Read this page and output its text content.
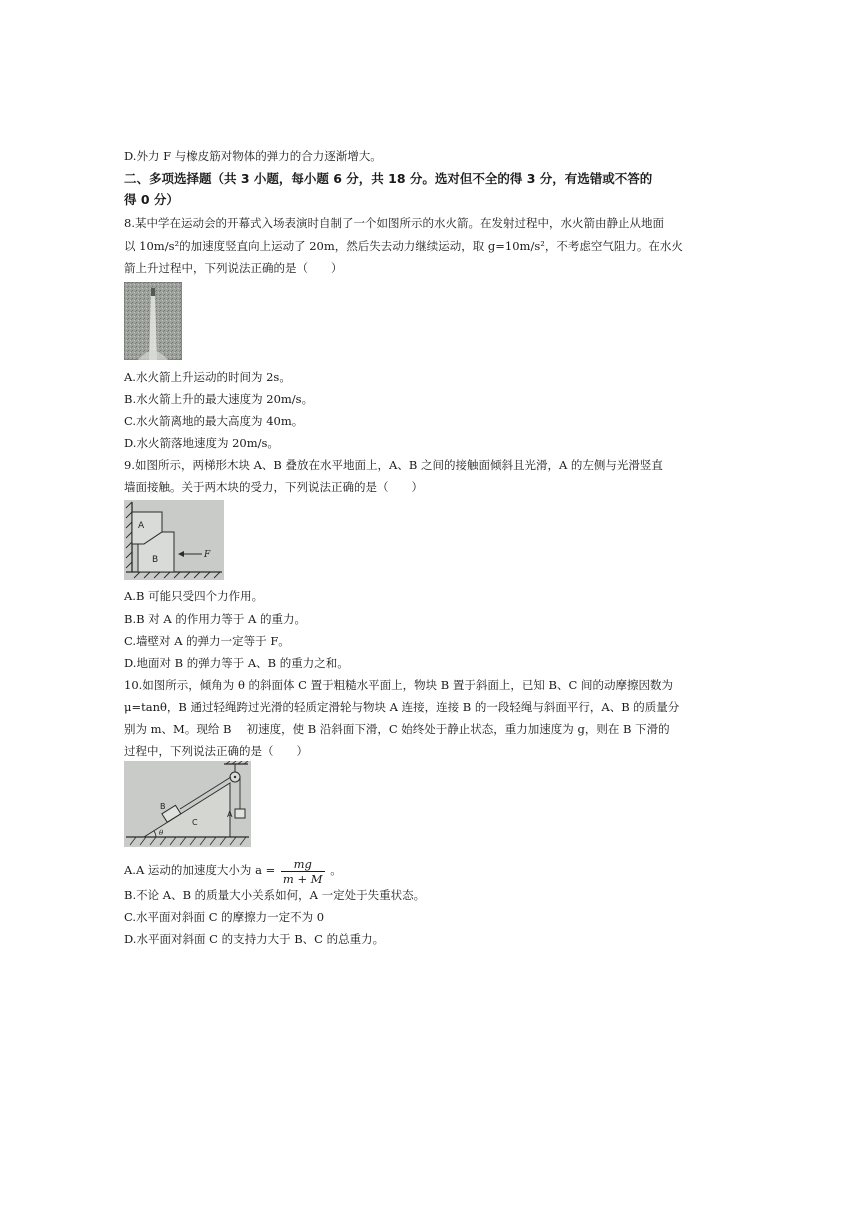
D.外力 F 与橡皮筋对物体的弹力的合力逐渐增大。
二、多项选择题（共 3 小题，每小题 6 分，共 18 分。选对但不全的得 3 分，有选错或不答的
得 0 分）
8.某中学在运动会的开幕式入场表演时自制了一个如图所示的水火箭。在发射过程中，水火箭由静止从地面
以 10m/s²的加速度竖直向上运动了 20m，然后失去动力继续运动，取 g=10m/s²，不考虑空气阻力。在水火
箭上升过程中，下列说法正确的是（　　）
A.水火箭上升运动的时间为 2s。
B.水火箭上升的最大速度为 20m/s。
C.水火箭离地的最大高度为 40m。
D.水火箭落地速度为 20m/s。
9.如图所示，两梯形木块 A、B 叠放在水平地面上，A、B 之间的接触面倾斜且光滑，A 的左侧与光滑竖直
墙面接触。关于两木块的受力，下列说法正确的是（　　）
A
B	F
A.B 可能只受四个力作用。
B.B 对 A 的作用力等于 A 的重力。
C.墙壁对 A 的弹力一定等于 F。
D.地面对 B 的弹力等于 A、B 的重力之和。
10.如图所示，倾角为 θ 的斜面体 C 置于粗糙水平面上，物块 B 置于斜面上，已知 B、C 间的动摩擦因数为
μ=tanθ，B 通过轻绳跨过光滑的轻质定滑轮与物块 A 连接，连接 B 的一段轻绳与斜面平行，A、B 的质量分
别为 m、M。现给 B　 初速度，使 B 沿斜面下滑，C 始终处于静止状态，重力加速度为 g，则在 B 下滑的
过程中，下列说法正确的是（　　）
θ
B
C
A
A.A 运动的加速度大小为 $a = \frac{mg}{m + M}$ 。
B.不论 A、B 的质量大小关系如何，A 一定处于失重状态。
C.水平面对斜面 C 的摩擦力一定不为 0
D.水平面对斜面 C 的支持力大于 B、C 的总重力。
